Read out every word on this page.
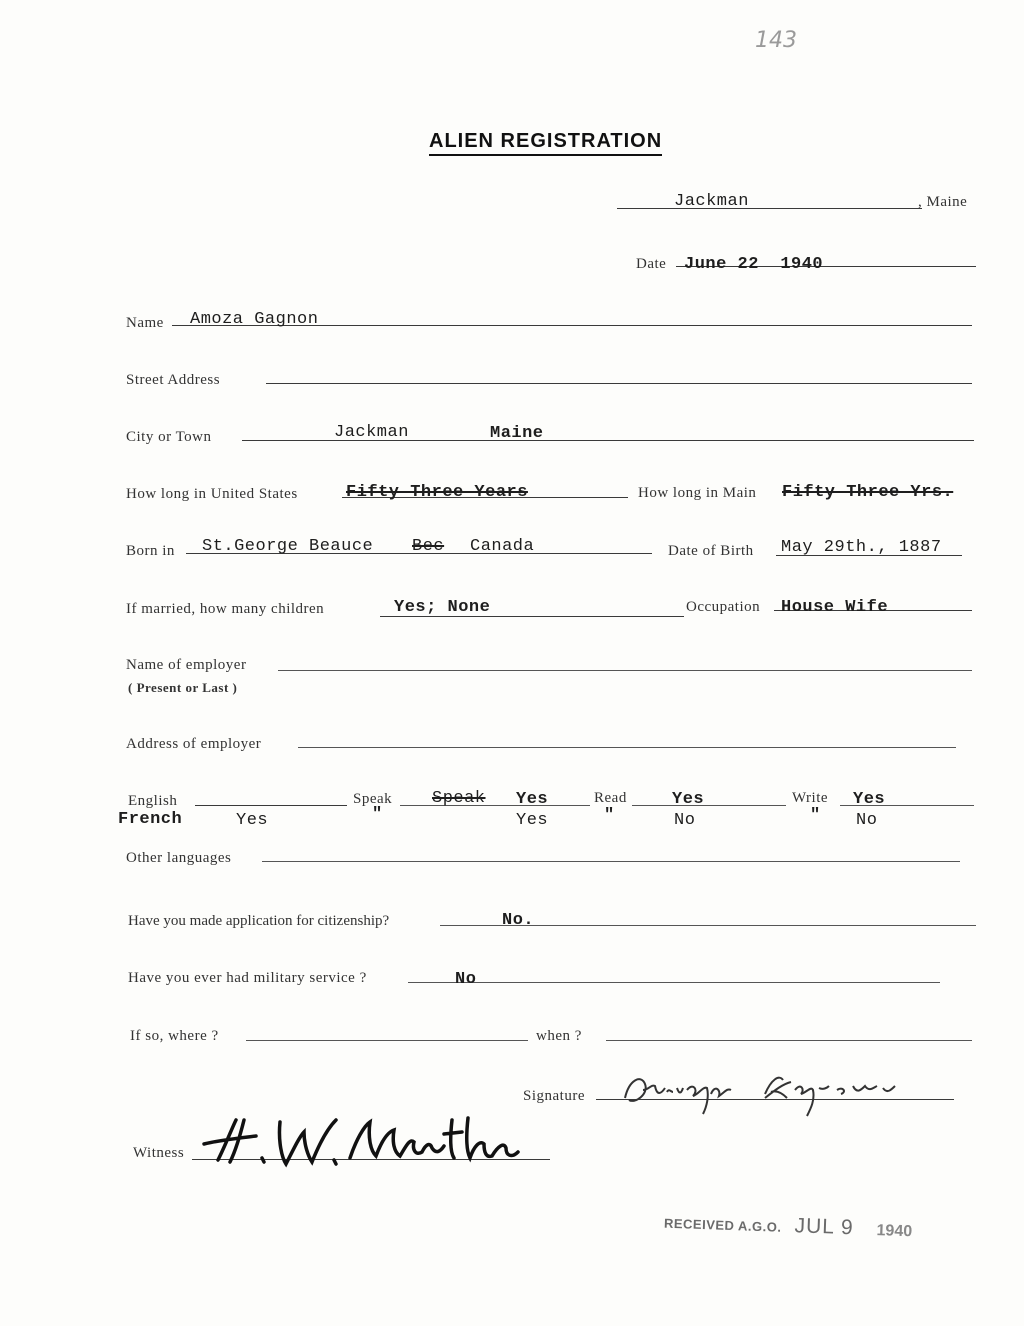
143
ALIEN REGISTRATION
Jackman	, Maine
Date June 22  1940
Name Amoza Gagnon
Street Address
City or Town	Jackman	Maine
How long in United States	Fifty Three Years	How long in Main Fifty Three Yrs.
Born in St.George Beauce Bec Canada	Date of Birth May 29th., 1887
If married, how many children	Yes; None	Occupation House Wife
Name of employer
( Present or Last )
Address of employer
English	Speak Speak Yes	Read	Yes	Write Yes
French	Yes	"	Yes	"	No	" No
Other languages
Have you made application for citizenship?	No.
Have you ever had military service ?	No
If so, where ?	when ?
Signature
Witness
RECEIVED A.G.O. JUL 9 1940
